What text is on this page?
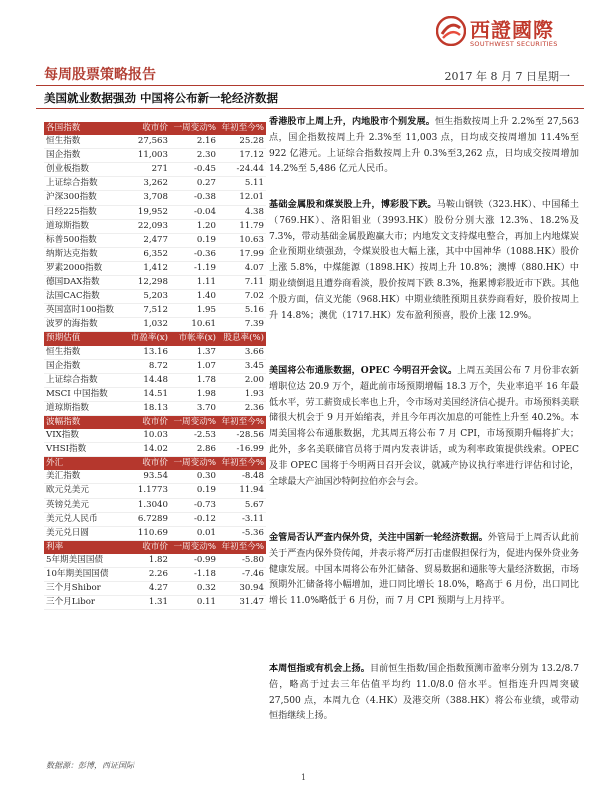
西證國際
SOUTHWEST SECURITIES
每周股票策略报告	2017 年 8 月 7 日星期一
美国就业数据强劲 中国将公布新一轮经济数据
各国指数	收市价	一周变动%	年初至今%
恒生指数	27,563	2.16	25.28
国企指数	11,003	2.30	17.12
创业板指数	271	-0.45	-24.44
上证综合指数	3,262	0.27	5.11
沪深300指数	3,708	-0.38	12.01
日经225指数	19,952	-0.04	4.38
道琼斯指数	22,093	1.20	11.79
标普500指数	2,477	0.19	10.63
纳斯达克指数	6,352	-0.36	17.99
罗素2000指数	1,412	-1.19	4.07
德国DAX指数	12,298	1.11	7.11
法国CAC指数	5,203	1.40	7.02
英国富时100指数	7,512	1.95	5.16
波罗的海指数	1,032	10.61	7.39
预期估值	市盈率(x)	市帐率(x)	股息率(%)
恒生指数	13.16	1.37	3.66
国企指数	8.72	1.07	3.45
上证综合指数	14.48	1.78	2.00
MSCI 中国指数	14.51	1.98	1.93
道琼斯指数	18.13	3.70	2.36
波幅指数	收市价	一周变动%	年初至今%
VIX指数	10.03	-2.53	-28.56
VHSI指数	14.02	2.86	-16.99
外汇	收市价	一周变动%	年初至今%
美汇指数	93.54	0.30	-8.48
欧元兑美元	1.1773	0.19	11.94
英镑兑美元	1.3040	-0.73	5.67
美元兑人民币	6.7289	-0.12	-3.11
美元兑日圆	110.69	0.01	-5.36
利率	收市价	一周变动%	年初至今%
5年期美国国债	1.82	-0.99	-5.80
10年期美国国债	2.26	-1.18	-7.46
三个月Shibor	4.27	0.32	30.94
三个月Libor	1.31	0.11	31.47
数据源：彭博，西证国际
香港股市上周上升，内地股市个别发展。恒生指数按周上升 2.2%至 27,563 点，国企指数按周上升 2.3%至 11,003 点，日均成交按周增加 11.4%至 922 亿港元。上证综合指数按周上升 0.3%至3,262 点，日均成交按周增加 14.2%至 5,486 亿元人民币。
基础金属股和煤炭股上升，博彩股下跌。马鞍山钢铁（323.HK）、中国稀土（769.HK）、洛阳钼业（3993.HK）股份分别大涨 12.3%、18.2%及 7.3%，带动基础金属股跑赢大市；内地发文支持煤电整合，再加上内地煤炭企业预期业绩强劲，令煤炭股也大幅上涨，其中中国神华（1088.HK）股价上涨 5.8%，中煤能源（1898.HK）按周上升 10.8%；澳博（880.HK）中期业绩倒退且遭券商看淡，股价按周下跌 8.3%，拖累博彩股近市下跌。其他个股方面，信义光能（968.HK）中期业绩胜预期且获券商看好，股价按周上升 14.8%；澳优（1717.HK）发布盈利预喜，股价上涨 12.9%。
美国将公布通胀数据，OPEC 今明召开会议。上周五美国公布 7 月份非农新增职位达 20.9 万个，超此前市场预期增幅 18.3 万个，失业率追平 16 年最低水平，劳工薪资成长率也上升，令市场对美国经济信心提升。市场预料美联储很大机会于 9 月开始缩表，并且今年再次加息的可能性上升至 40.2%。本周美国将公布通胀数据，尤其周五将公布 7 月 CPI，市场预期升幅将扩大；此外，多名美联储官员将于周内发表讲话，或为利率政策提供线索。OPEC 及非 OPEC 国将于今明两日召开会议，就减产协议执行率进行评估和讨论，全球最大产油国沙特阿拉伯亦会与会。
金管局否认严查内保外贷，关注中国新一轮经济数据。外管局于上周否认此前关于严查内保外贷传闻，并表示将严厉打击虚假担保行为，促进内保外贷业务健康发展。中国本周将公布外汇储备、贸易数据和通胀等大量经济数据，市场预期外汇储备将小幅增加，进口同比增长 18.0%，略高于 6 月份，出口同比增长 11.0%略低于 6 月份，而 7 月 CPI 预期与上月持平。
本周恒指或有机会上扬。目前恒生指数/国企指数预测市盈率分别为 13.2/8.7 倍，略高于过去三年估值平均约 11.0/8.0 倍水平。恒指连升四周突破 27,500 点，本周九仓（4.HK）及港交所（388.HK）将公布业绩，或带动恒指继续上扬。
1
